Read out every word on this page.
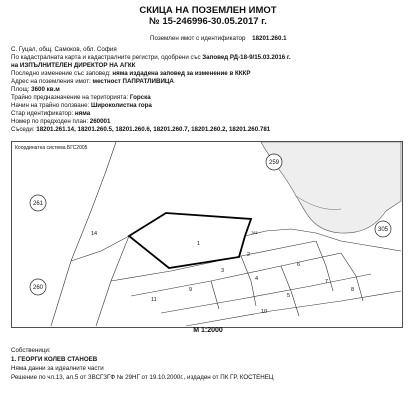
СКИЦА НА ПОЗЕМЛЕН ИМОТ
№ 15-246996-30.05.2017 г.
Поземлен имот с идентификатор 18201.260.1
С. Гуцал, общ. Самоков, обл. София
По кадастралната карта и кадастралните регистри, одобрени със Заповед РД-18-9/15.03.2016 г.
на ИЗПЪЛНИТЕЛЕН ДИРЕКТОР НА АГКК
Последно изменение със заповед: няма издадена заповед за изменение в КККР
Адрес на поземления имот: местност ПАПРАТЛИВИЦА
Площ: 3600 кв.м
Трайно предназначение на територията: Горска
Начин на трайно ползване: Широколистна гора
Стар идентификатор: няма
Номер по предходен план: 260001
Съседи: 18201.261.14, 18201.260.5, 18201.260.6, 18201.260.7, 18201.260.2, 18201.260.781
Координатна система БГС2005
261
260
259
305
14
1
2
3
4
5
6
7
8
9
10
11
781
М 1:2000
Собственици:
1. ГЕОРГИ КОЛЕВ СТАНОЕВ
Няма данни за идеалните части
Решение по чл.13, ал.5 от ЗВСГЗГФ № 29НГ от 19.10.2000г., издаден от ПК ГР. КОСТЕНЕЦ
